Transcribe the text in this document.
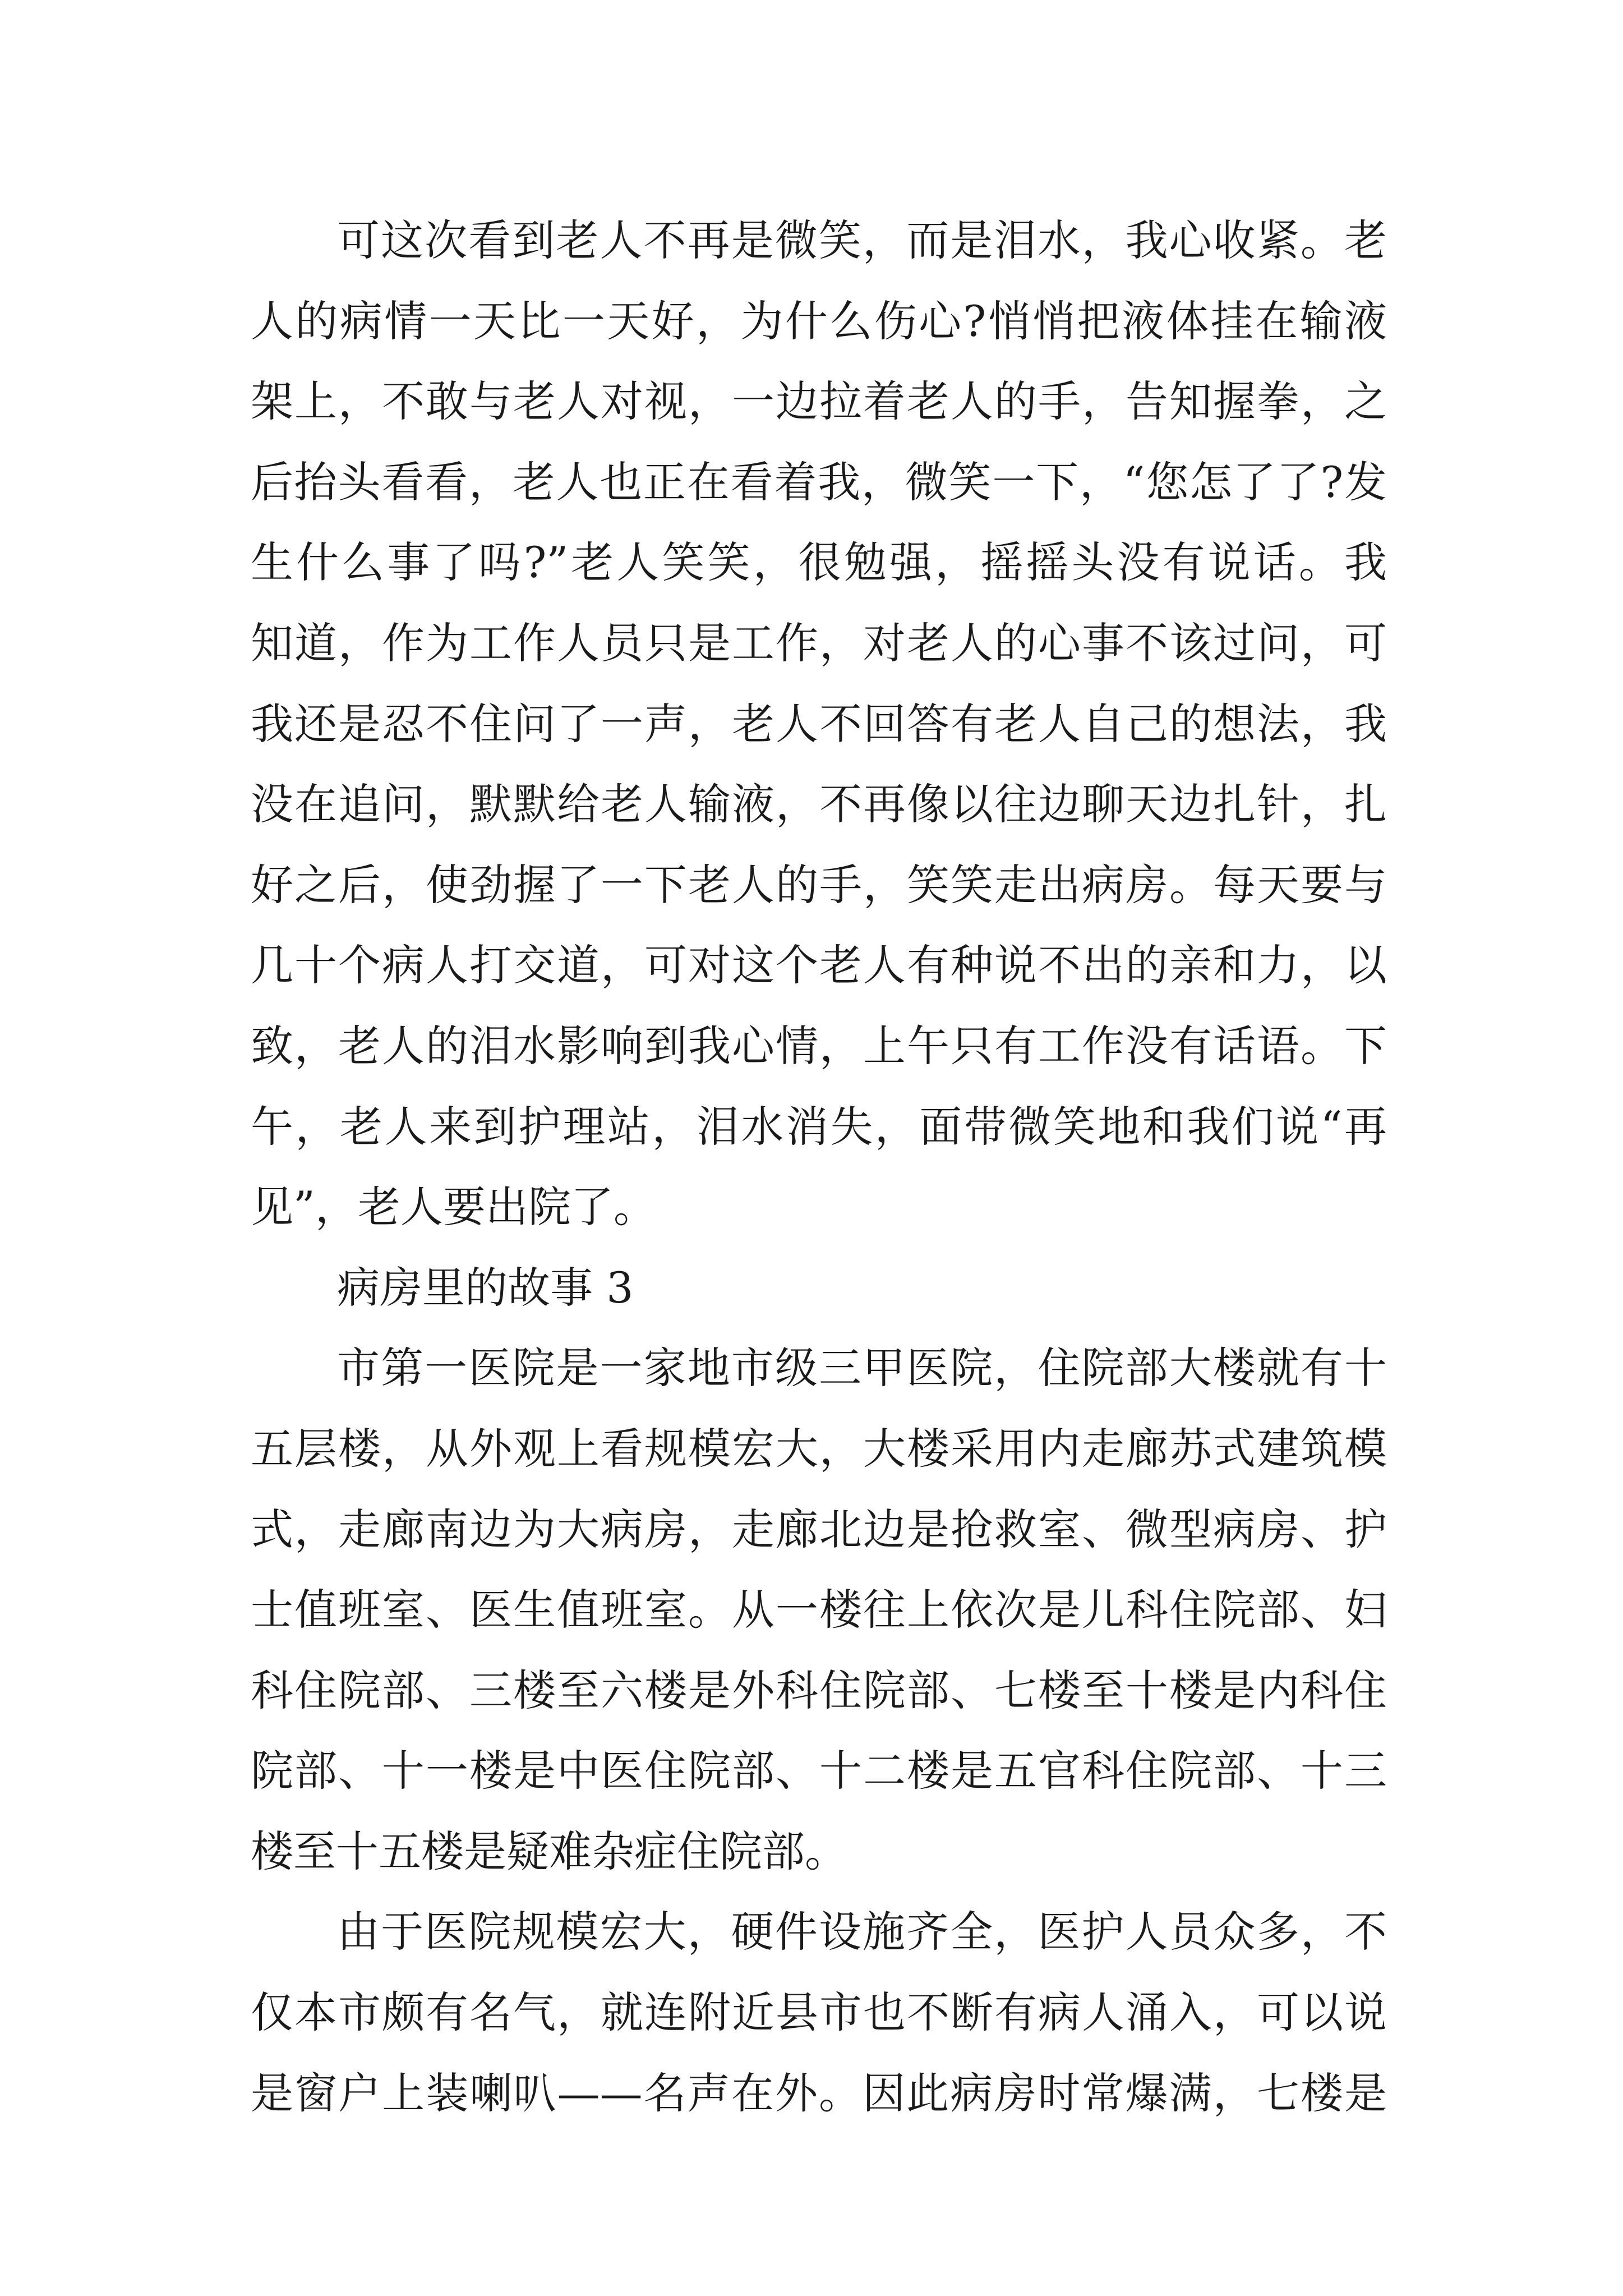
可这次看到老人不再是微笑，而是泪水，我心收紧。老
人的病情一天比一天好，为什么伤心?悄悄把液体挂在输液
架上，不敢与老人对视，一边拉着老人的手，告知握拳，之
后抬头看看，老人也正在看着我，微笑一下，“您怎了了?发
生什么事了吗?”老人笑笑，很勉强，摇摇头没有说话。我
知道，作为工作人员只是工作，对老人的心事不该过问，可
我还是忍不住问了一声，老人不回答有老人自己的想法，我
没在追问，默默给老人输液，不再像以往边聊天边扎针，扎
好之后，使劲握了一下老人的手，笑笑走出病房。每天要与
几十个病人打交道，可对这个老人有种说不出的亲和力，以
致，老人的泪水影响到我心情，上午只有工作没有话语。下
午，老人来到护理站，泪水消失，面带微笑地和我们说“再
见”，老人要出院了。
病房里的故事 3
市第一医院是一家地市级三甲医院，住院部大楼就有十
五层楼，从外观上看规模宏大，大楼采用内走廊苏式建筑模
式，走廊南边为大病房，走廊北边是抢救室、微型病房、护
士值班室、医生值班室。从一楼往上依次是儿科住院部、妇
科住院部、三楼至六楼是外科住院部、七楼至十楼是内科住
院部、十一楼是中医住院部、十二楼是五官科住院部、十三
楼至十五楼是疑难杂症住院部。
由于医院规模宏大，硬件设施齐全，医护人员众多，不
仅本市颇有名气，就连附近县市也不断有病人涌入，可以说
是窗户上装喇叭——名声在外。因此病房时常爆满，七楼是
